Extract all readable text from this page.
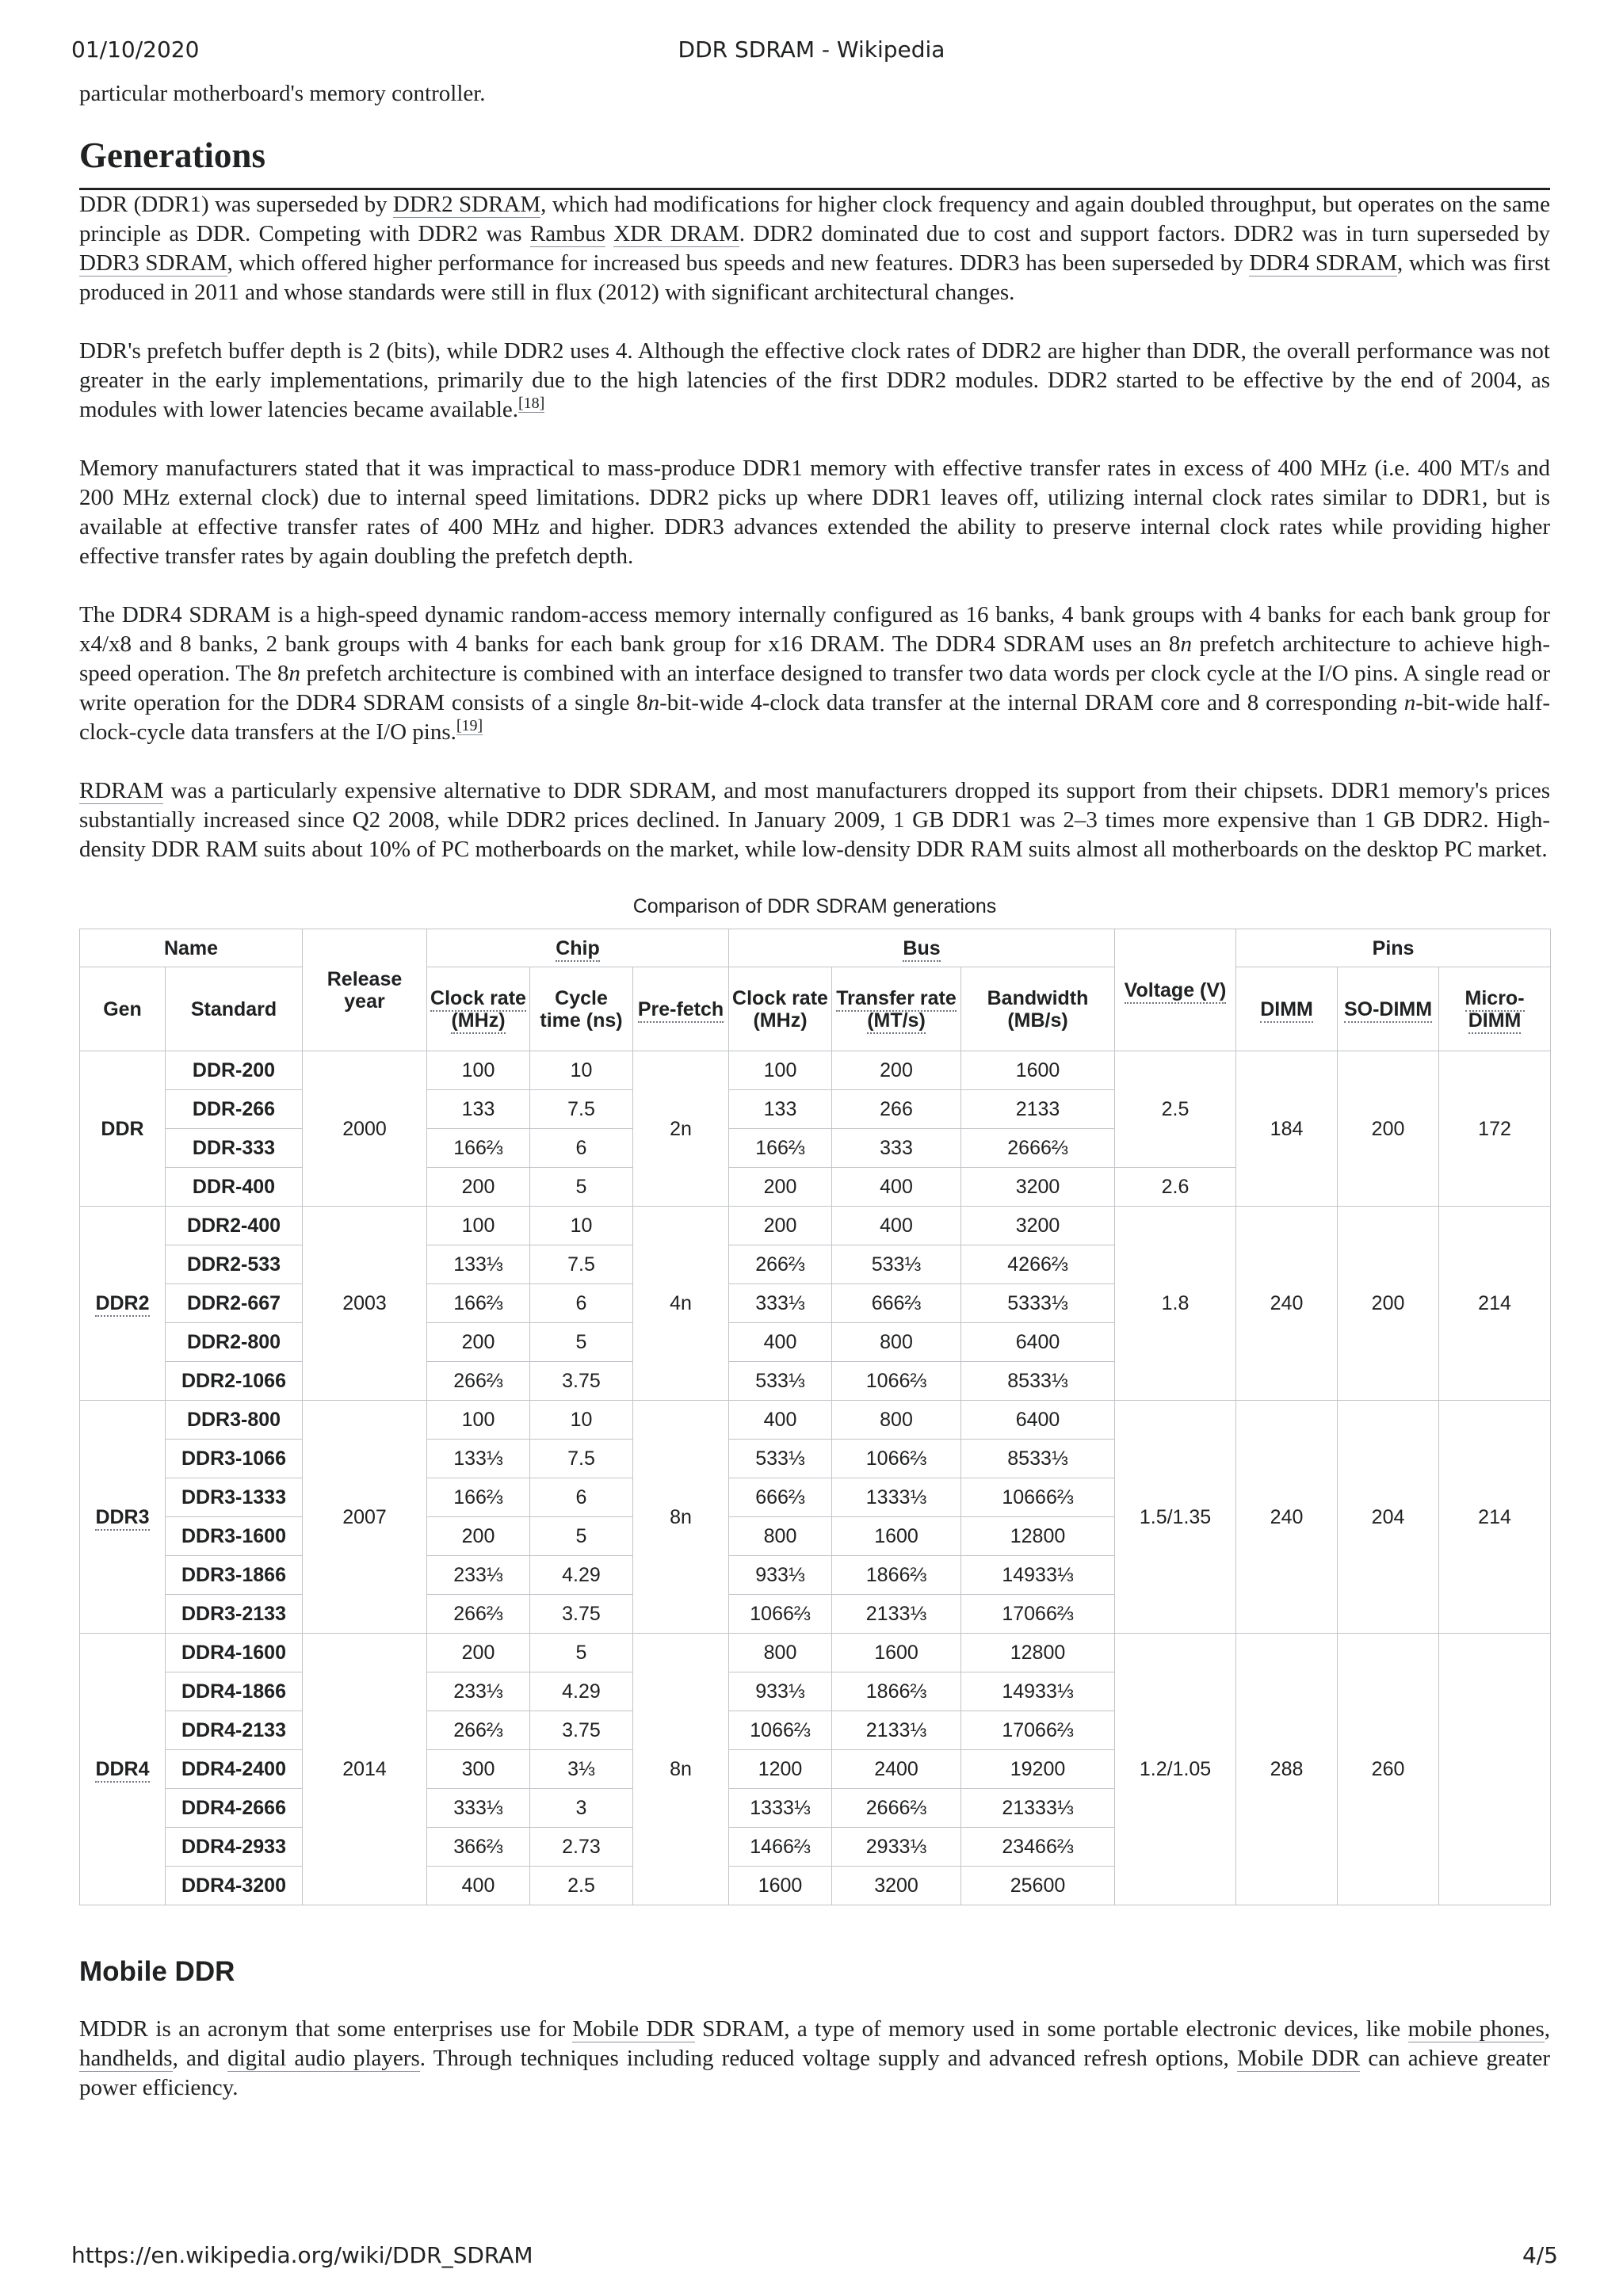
01/10/2020	DDR SDRAM - Wikipedia

particular motherboard's memory controller.

Generations

DDR (DDR1) was superseded by DDR2 SDRAM, which had modifications for higher clock frequency and again doubled throughput, but operates on the same principle as DDR. Competing with DDR2 was Rambus XDR DRAM. DDR2 dominated due to cost and support factors. DDR2 was in turn superseded by DDR3 SDRAM, which offered higher performance for increased bus speeds and new features. DDR3 has been superseded by DDR4 SDRAM, which was first produced in 2011 and whose standards were still in flux (2012) with significant architectural changes.

DDR's prefetch buffer depth is 2 (bits), while DDR2 uses 4. Although the effective clock rates of DDR2 are higher than DDR, the overall performance was not greater in the early implementations, primarily due to the high latencies of the first DDR2 modules. DDR2 started to be effective by the end of 2004, as modules with lower latencies became available.[18]

Memory manufacturers stated that it was impractical to mass-produce DDR1 memory with effective transfer rates in excess of 400 MHz (i.e. 400 MT/s and 200 MHz external clock) due to internal speed limitations. DDR2 picks up where DDR1 leaves off, utilizing internal clock rates similar to DDR1, but is available at effective transfer rates of 400 MHz and higher. DDR3 advances extended the ability to preserve internal clock rates while providing higher effective transfer rates by again doubling the prefetch depth.

The DDR4 SDRAM is a high-speed dynamic random-access memory internally configured as 16 banks, 4 bank groups with 4 banks for each bank group for x4/x8 and 8 banks, 2 bank groups with 4 banks for each bank group for x16 DRAM. The DDR4 SDRAM uses an 8n prefetch architecture to achieve high-speed operation. The 8n prefetch architecture is combined with an interface designed to transfer two data words per clock cycle at the I/O pins. A single read or write operation for the DDR4 SDRAM consists of a single 8n-bit-wide 4-clock data transfer at the internal DRAM core and 8 corresponding n-bit-wide half-clock-cycle data transfers at the I/O pins.[19]

RDRAM was a particularly expensive alternative to DDR SDRAM, and most manufacturers dropped its support from their chipsets. DDR1 memory's prices substantially increased since Q2 2008, while DDR2 prices declined. In January 2009, 1 GB DDR1 was 2–3 times more expensive than 1 GB DDR2. High-density DDR RAM suits about 10% of PC motherboards on the market, while low-density DDR RAM suits almost all motherboards on the desktop PC market.

Comparison of DDR SDRAM generations
Name		Release year	Chip			Bus			Voltage (V)	Pins		
Gen	Standard		Clock rate (MHz)	Cycle time (ns)	Pre-fetch	Clock rate (MHz)	Transfer rate (MT/s)	Bandwidth (MB/s)		DIMM	SO-DIMM	Micro-DIMM
DDR	DDR-200	2000	100	10	2n	100	200	1600	2.5	184	200	172
	DDR-266		133	7.5		133	266	2133				
	DDR-333		166⅔	6		166⅔	333	2666⅔				
	DDR-400		200	5		200	400	3200	2.6			
DDR2	DDR2-400	2003	100	10	4n	200	400	3200	1.8	240	200	214
	DDR2-533		133⅓	7.5		266⅔	533⅓	4266⅔				
	DDR2-667		166⅔	6		333⅓	666⅔	5333⅓				
	DDR2-800		200	5		400	800	6400				
	DDR2-1066		266⅔	3.75		533⅓	1066⅔	8533⅓				
DDR3	DDR3-800	2007	100	10	8n	400	800	6400	1.5/1.35	240	204	214
	DDR3-1066		133⅓	7.5		533⅓	1066⅔	8533⅓				
	DDR3-1333		166⅔	6		666⅔	1333⅓	10666⅔				
	DDR3-1600		200	5		800	1600	12800				
	DDR3-1866		233⅓	4.29		933⅓	1866⅔	14933⅓				
	DDR3-2133		266⅔	3.75		1066⅔	2133⅓	17066⅔				
DDR4	DDR4-1600	2014	200	5	8n	800	1600	12800	1.2/1.05	288	260	
	DDR4-1866		233⅓	4.29		933⅓	1866⅔	14933⅓				
	DDR4-2133		266⅔	3.75		1066⅔	2133⅓	17066⅔				
	DDR4-2400		300	3⅓		1200	2400	19200				
	DDR4-2666		333⅓	3		1333⅓	2666⅔	21333⅓				
	DDR4-2933		366⅔	2.73		1466⅔	2933⅓	23466⅔				
	DDR4-3200		400	2.5		1600	3200	25600				
Mobile DDR

MDDR is an acronym that some enterprises use for Mobile DDR SDRAM, a type of memory used in some portable electronic devices, like mobile phones, handhelds, and digital audio players. Through techniques including reduced voltage supply and advanced refresh options, Mobile DDR can achieve greater power efficiency.

https://en.wikipedia.org/wiki/DDR_SDRAM	4/5
